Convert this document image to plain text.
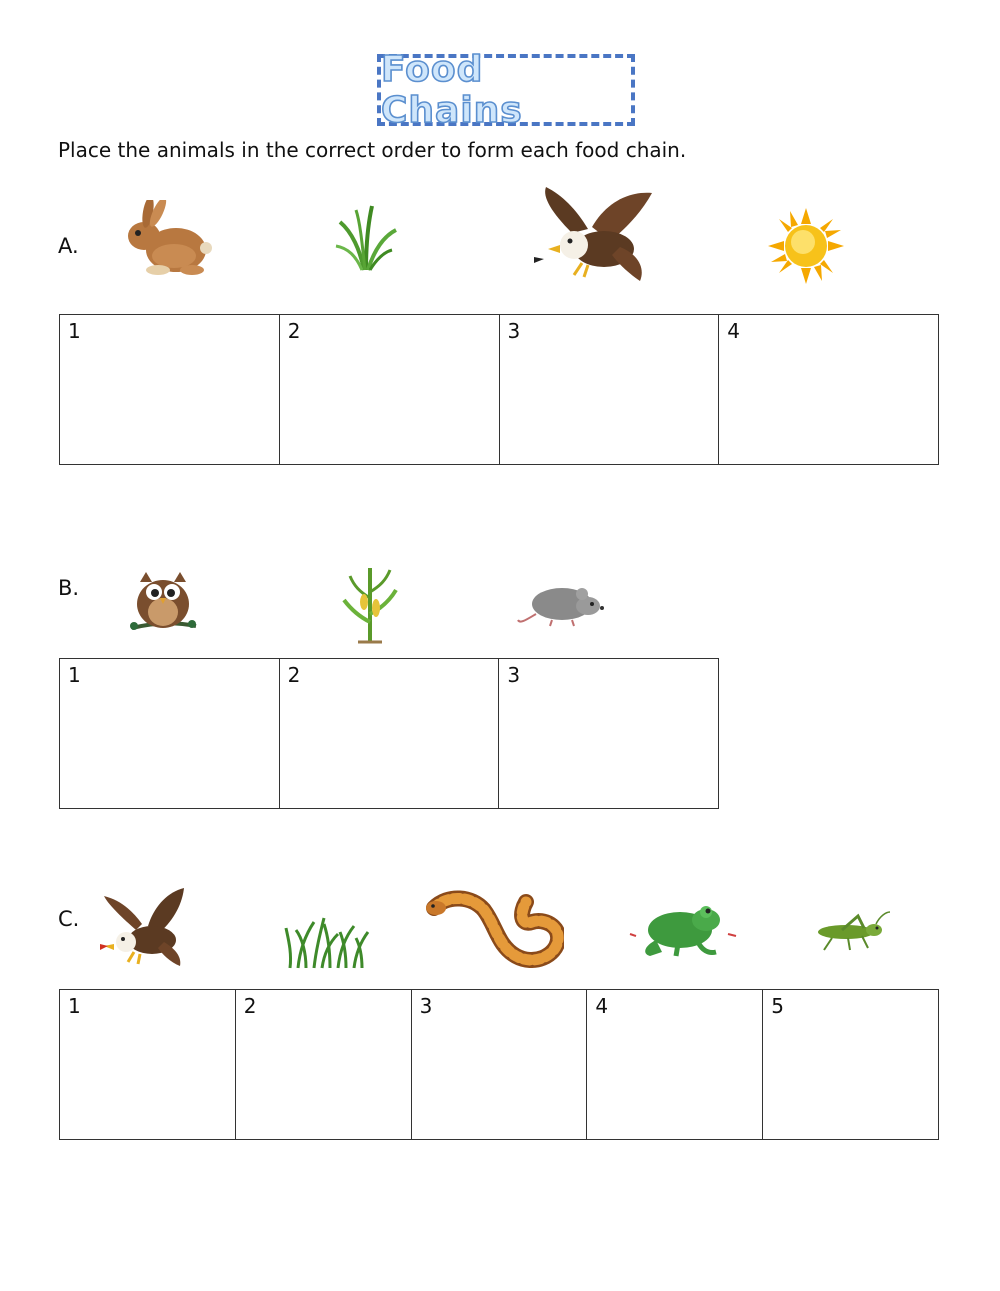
Food Chains
Place the animals in the correct order to form each food chain.
A.
1	2	3	4
B.
1	2	3
C.
1	2	3	4	5
